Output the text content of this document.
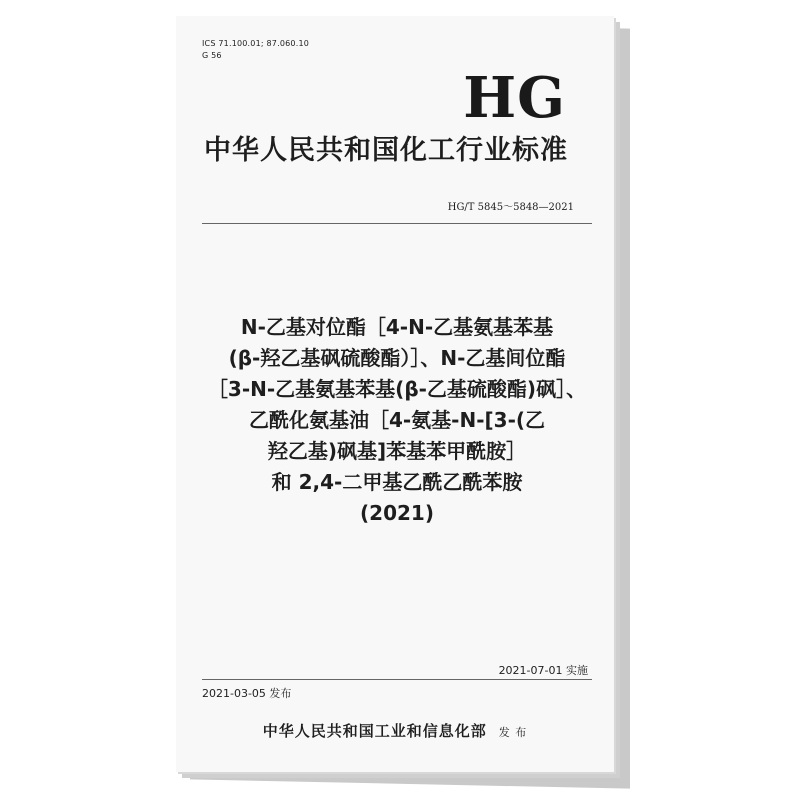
ICS 71.100.01; 87.060.10
G 56
HG
中华人民共和国化工行业标准
HG/T 5845～5848—2021
N-乙基对位酯［4-N-乙基氨基苯基
(β-羟乙基砜硫酸酯）］、N-乙基间位酯
［3-N-乙基氨基苯基(β-乙基硫酸酯)砜］、
乙酰化氨基油［4-氨基-N-[3-(乙
羟乙基)砜基]苯基苯甲酰胺］
和 2,4-二甲基乙酰乙酰苯胺
(2021)
2021-07-01 实施
2021-03-05 发布
中华人民共和国工业和信息化部 发 布
